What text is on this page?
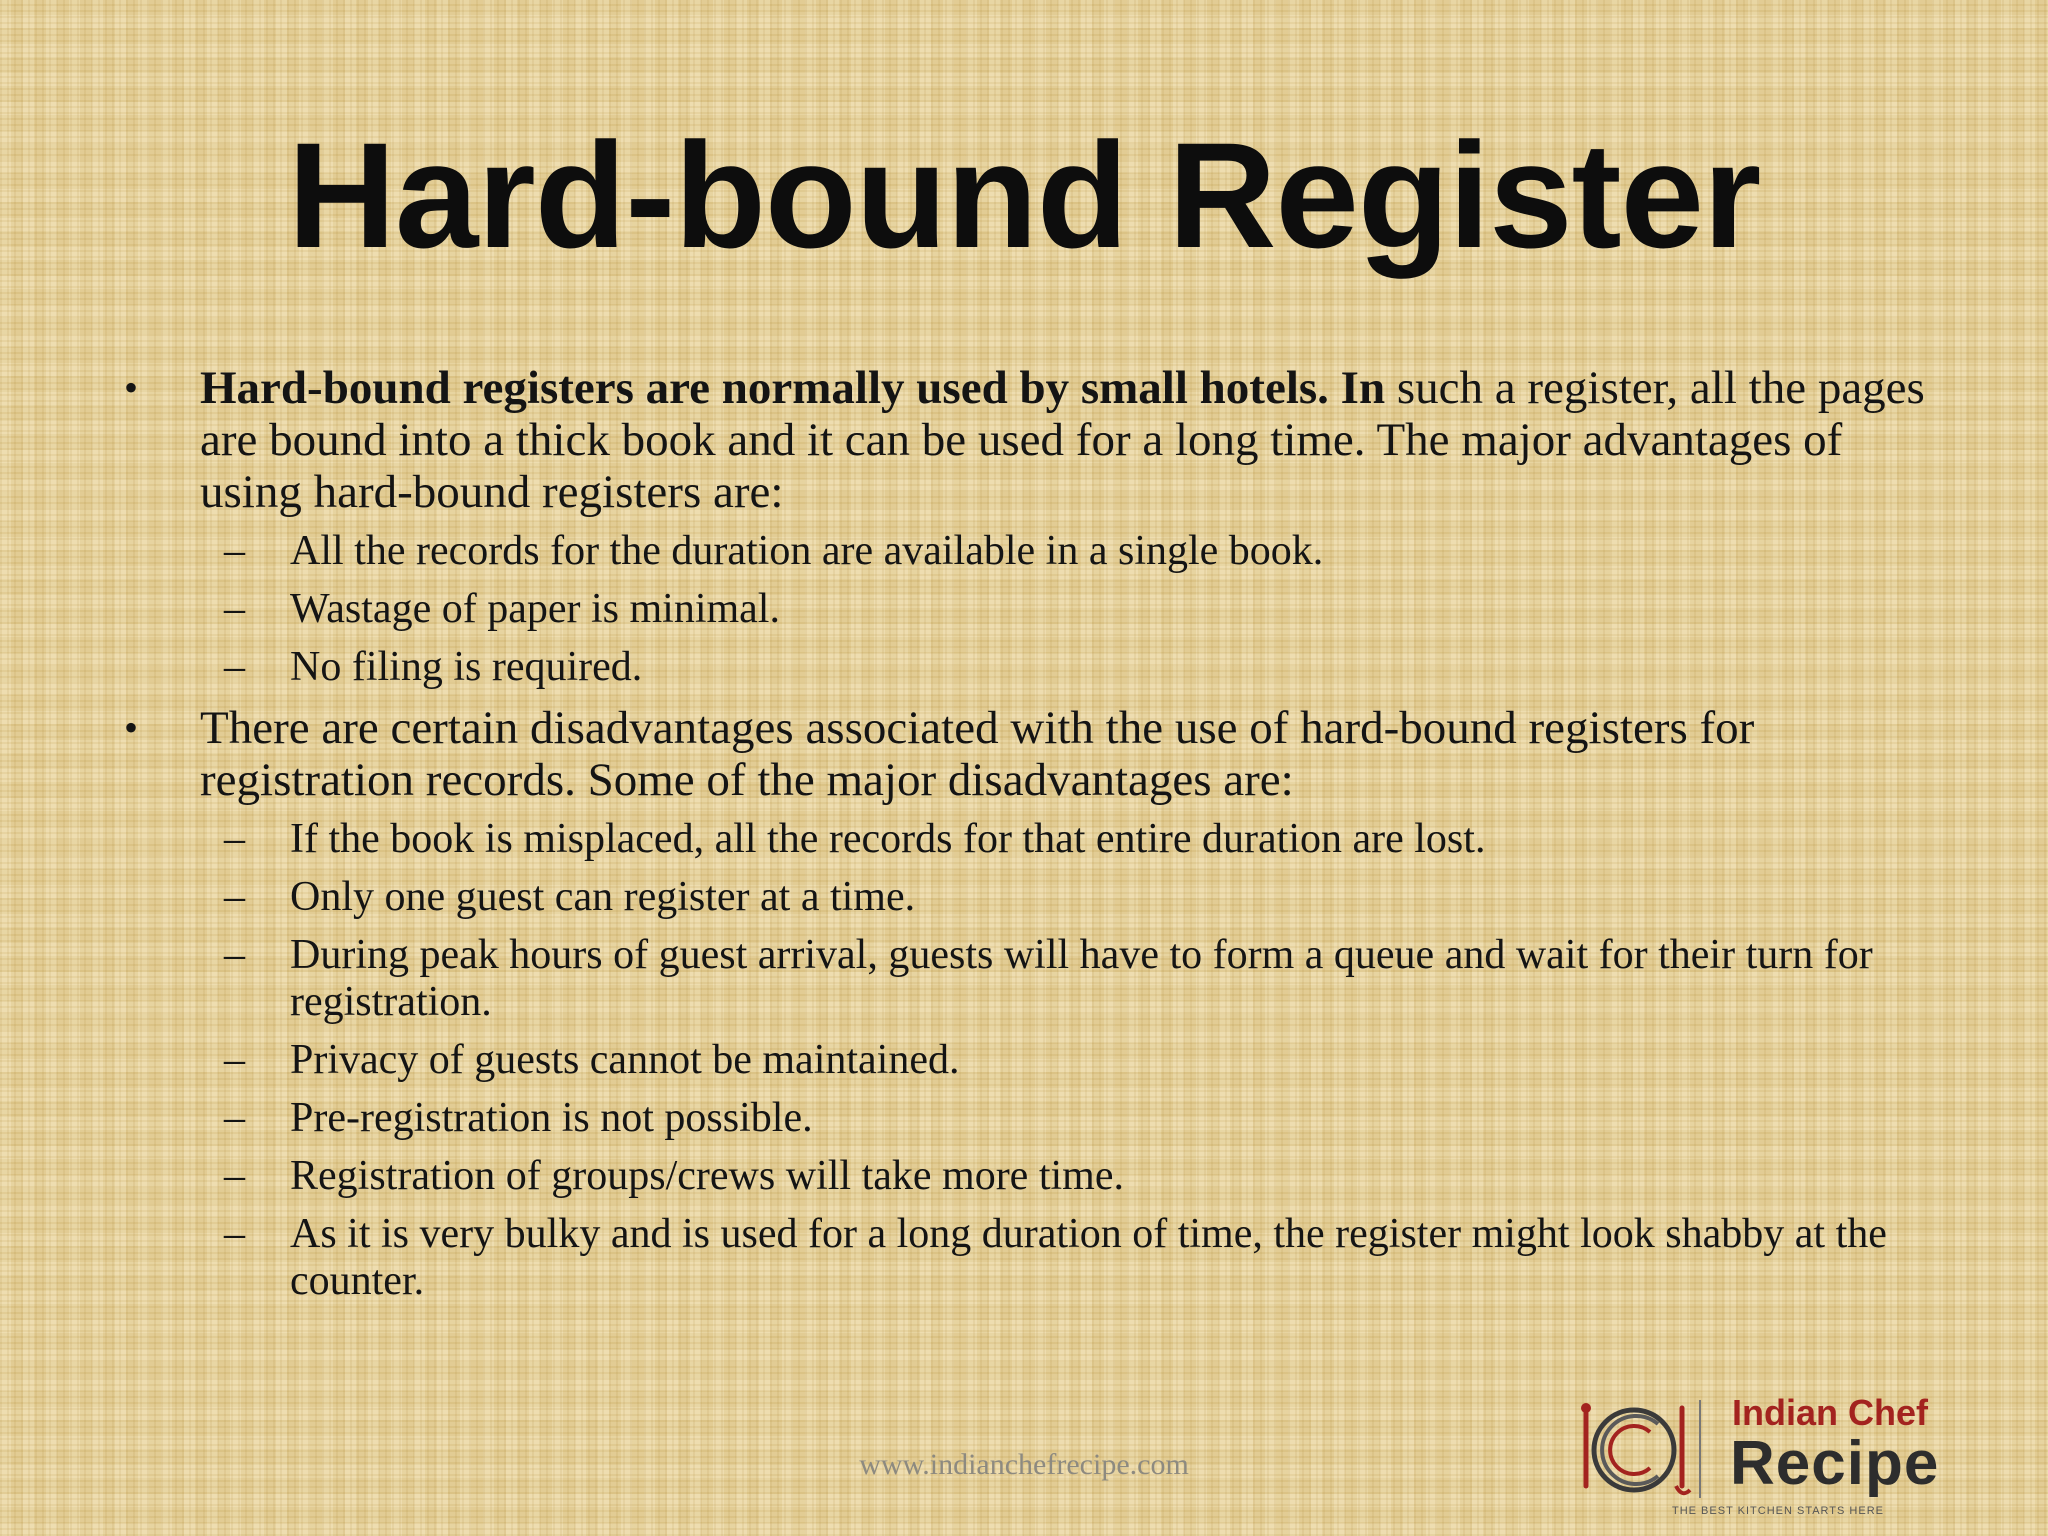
Hard-bound Register
• Hard-bound registers are normally used by small hotels. In such a register, all the pages are bound into a thick book and it can be used for a long time. The major advantages of using hard-bound registers are:
– All the records for the duration are available in a single book.
– Wastage of paper is minimal.
– No filing is required.
• There are certain disadvantages associated with the use of hard-bound registers for registration records. Some of the major disadvantages are:
– If the book is misplaced, all the records for that entire duration are lost.
– Only one guest can register at a time.
– During peak hours of guest arrival, guests will have to form a queue and wait for their turn for registration.
– Privacy of guests cannot be maintained.
– Pre-registration is not possible.
– Registration of groups/crews will take more time.
– As it is very bulky and is used for a long duration of time, the register might look shabby at the counter.
www.indianchefrecipe.com
Indian Chef
Recipe
THE BEST KITCHEN STARTS HERE
